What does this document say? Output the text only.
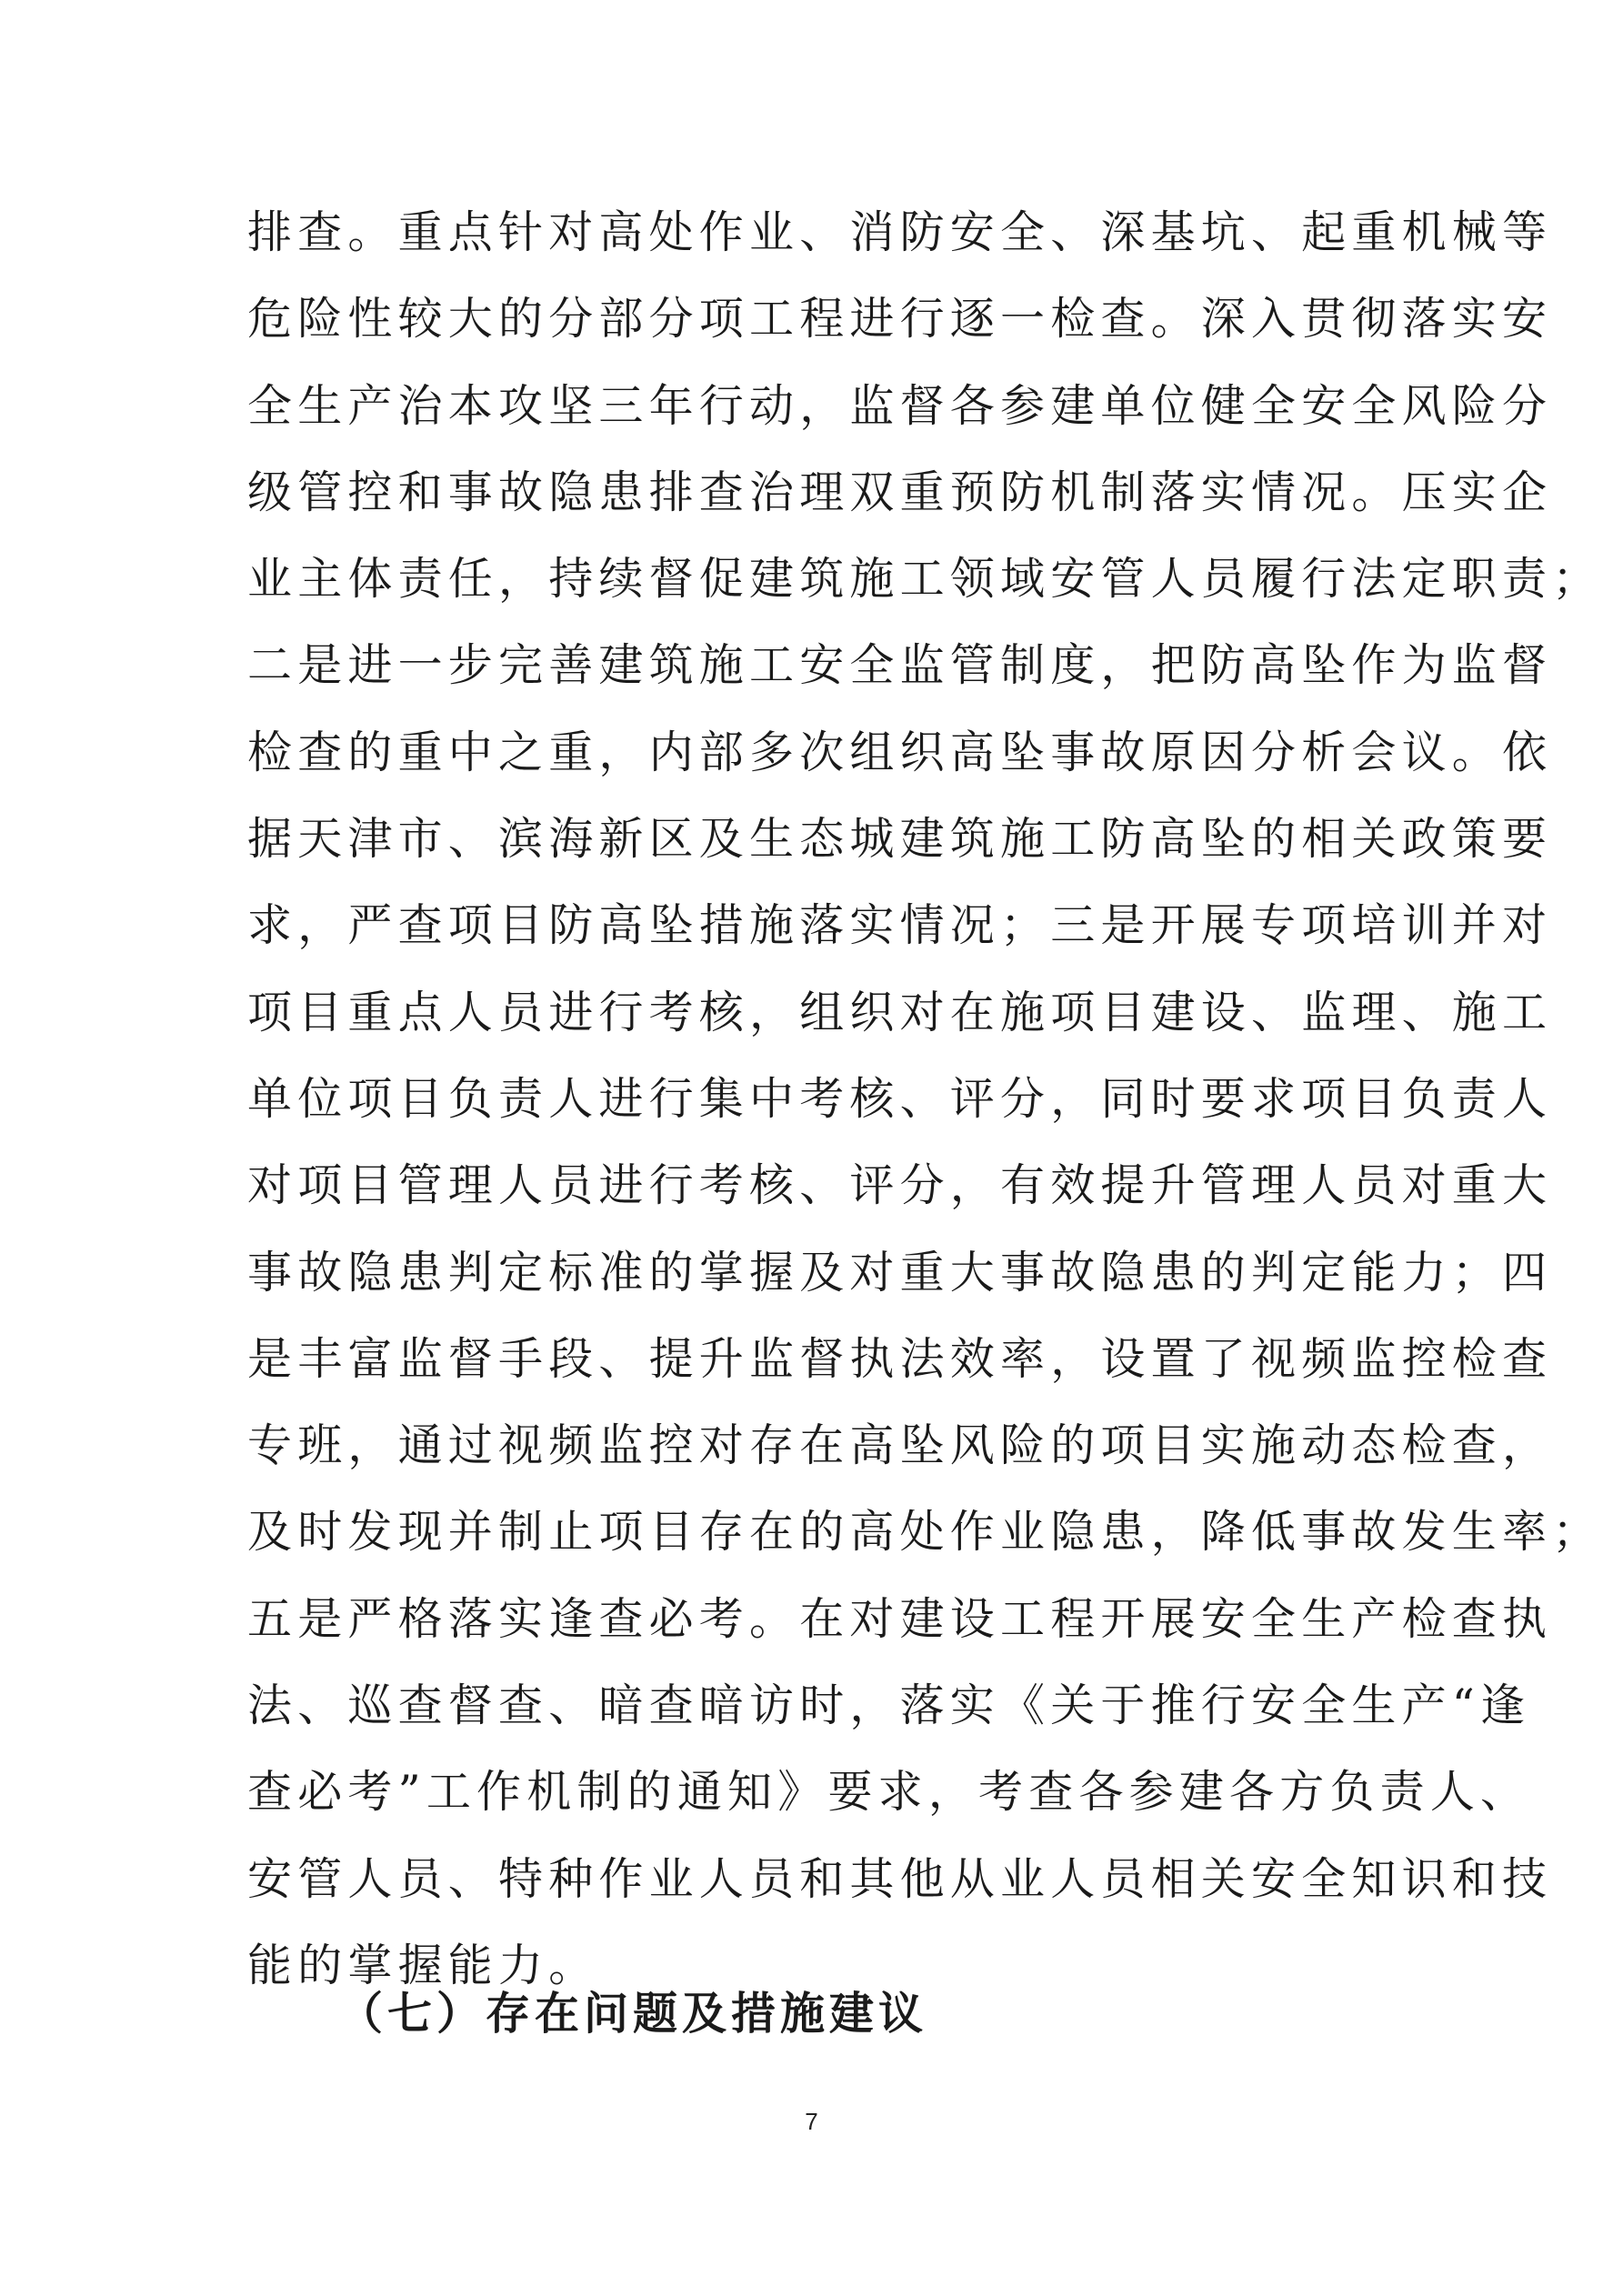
排查。重点针对高处作业、消防安全、深基坑、起重机械等
危险性较大的分部分项工程进行逐一检查。深入贯彻落实安
全生产治本攻坚三年行动，监督各参建单位健全安全风险分
级管控和事故隐患排查治理双重预防机制落实情况。压实企
业主体责任，持续督促建筑施工领域安管人员履行法定职责；
二是进一步完善建筑施工安全监管制度，把防高坠作为监督
检查的重中之重，内部多次组织高坠事故原因分析会议。依
据天津市、滨海新区及生态城建筑施工防高坠的相关政策要
求，严查项目防高坠措施落实情况；三是开展专项培训并对
项目重点人员进行考核，组织对在施项目建设、监理、施工
单位项目负责人进行集中考核、评分，同时要求项目负责人
对项目管理人员进行考核、评分，有效提升管理人员对重大
事故隐患判定标准的掌握及对重大事故隐患的判定能力；四
是丰富监督手段、提升监督执法效率，设置了视频监控检查
专班，通过视频监控对存在高坠风险的项目实施动态检查，
及时发现并制止项目存在的高处作业隐患，降低事故发生率；
五是严格落实逢查必考。在对建设工程开展安全生产检查执
法、巡查督查、暗查暗访时，落实《关于推行安全生产“逢
查必考”工作机制的通知》要求，考查各参建各方负责人、
安管人员、特种作业人员和其他从业人员相关安全知识和技
能的掌握能力。
（七）存在问题及措施建议
7
